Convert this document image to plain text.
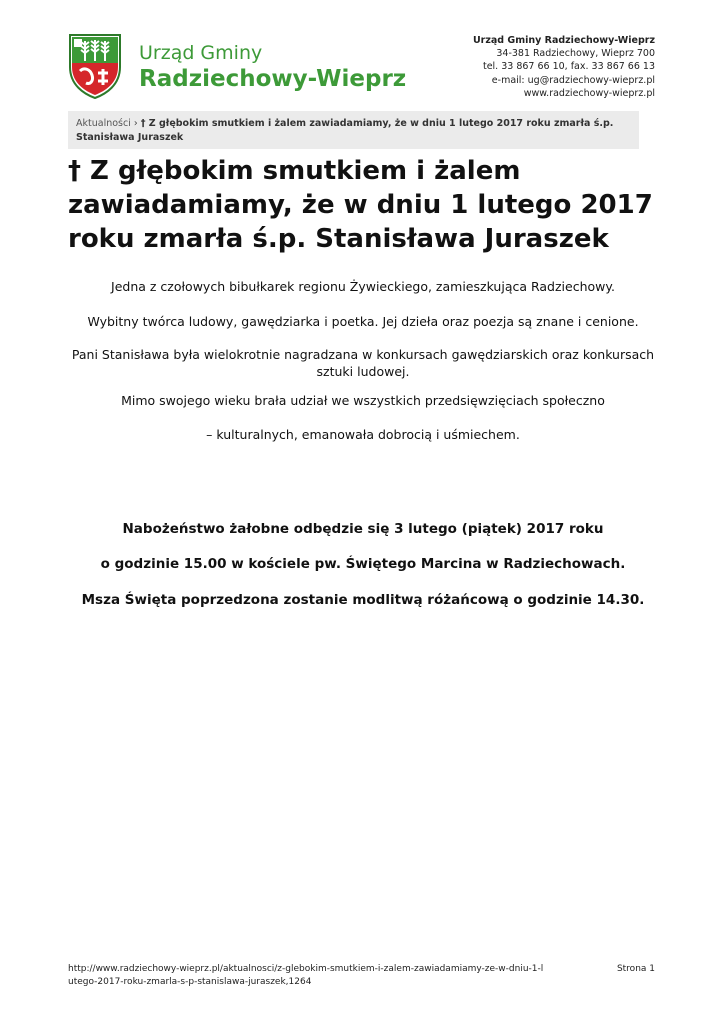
Urząd Gminy
Radziechowy-Wieprz
Urząd Gminy Radziechowy-Wieprz
34-381 Radziechowy, Wieprz 700
tel. 33 867 66 10, fax. 33 867 66 13
e-mail: ug@radziechowy-wieprz.pl
www.radziechowy-wieprz.pl
Aktualności › † Z głębokim smutkiem i żalem zawiadamiamy, że w dniu 1 lutego 2017 roku zmarła ś.p. Stanisława Juraszek
† Z głębokim smutkiem i żalem zawiadamiamy, że w dniu 1 lutego 2017 roku zmarła ś.p. Stanisława Juraszek

Jedna z czołowych bibułkarek regionu Żywieckiego, zamieszkująca Radziechowy.

Wybitny twórca ludowy, gawędziarka i poetka. Jej dzieła oraz poezja są znane i cenione.

Pani Stanisława była wielokrotnie nagradzana w konkursach gawędziarskich oraz konkursach sztuki ludowej.

Mimo swojego wieku brała udział we wszystkich przedsięwzięciach społeczno

– kulturalnych, emanowała dobrocią i uśmiechem.

Nabożeństwo żałobne odbędzie się 3 lutego (piątek) 2017 roku

o godzinie 15.00 w kościele pw. Świętego Marcina w Radziechowach.

Msza Święta poprzedzona zostanie modlitwą różańcową o godzinie 14.30.

http://www.radziechowy-wieprz.pl/aktualnosci/z-glebokim-smutkiem-i-zalem-zawiadamiamy-ze-w-dniu-1-lutego-2017-roku-zmarla-s-p-stanislawa-juraszek,1264
Strona 1
